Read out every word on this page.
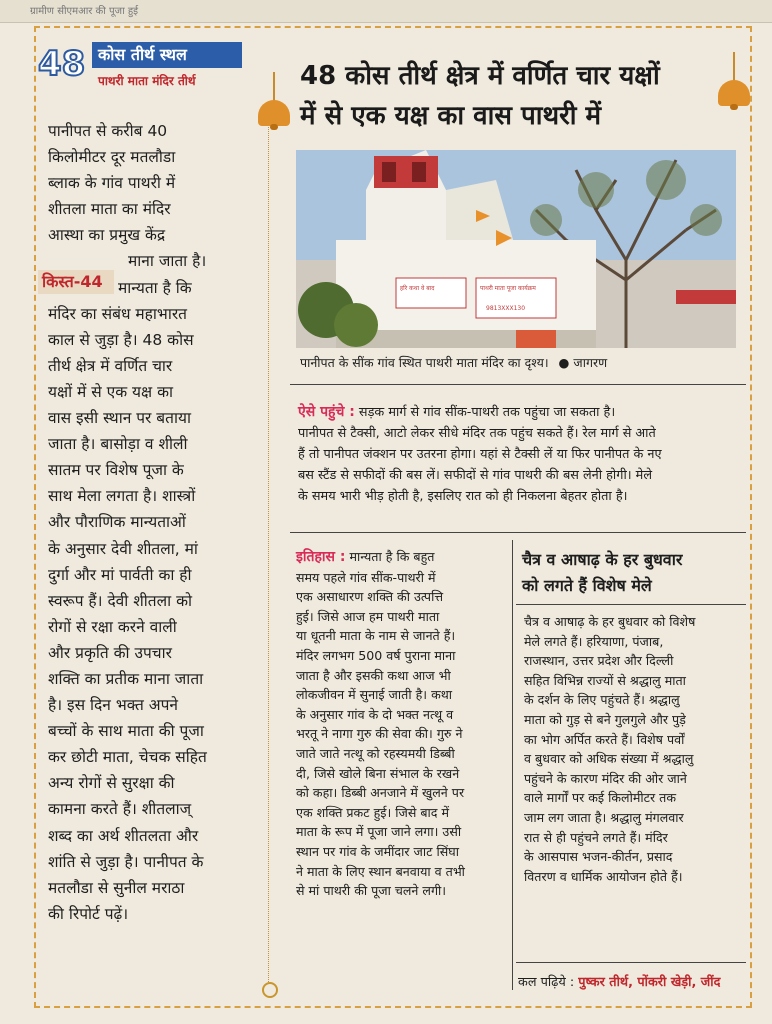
ग्रामीण सीएमआर की पूजा हुई
48 कोस तीर्थ स्थल
पाथरी माता मंदिर तीर्थ
पानीपत से करीब 40
किलोमीटर दूर मतलौडा
ब्लाक के गांव पाथरी में
शीतला माता का मंदिर
आस्था का प्रमुख केंद्र
माना जाता है।
मान्यता है कि
मंदिर का संबंध महाभारत
काल से जुड़ा है। 48 कोस
तीर्थ क्षेत्र में वर्णित चार
यक्षों में से एक यक्ष का
वास इसी स्थान पर बताया
जाता है। बासोड़ा व शीली
सातम पर विशेष पूजा के
साथ मेला लगता है। शास्त्रों
और पौराणिक मान्यताओं
के अनुसार देवी शीतला, मां
दुर्गा और मां पार्वती का ही
स्वरूप हैं। देवी शीतला को
रोगों से रक्षा करने वाली
और प्रकृति की उपचार
शक्ति का प्रतीक माना जाता
है। इस दिन भक्त अपने
बच्चों के साथ माता की पूजा
कर छोटी माता, चेचक सहित
अन्य रोगों से सुरक्षा की
कामना करते हैं। शीतलाज्
शब्द का अर्थ शीतलता और
शांति से जुड़ा है। पानीपत के
मतलौडा से सुनील मराठा
की रिपोर्ट पढ़ें।
किस्त-44
48 कोस तीर्थ क्षेत्र में वर्णित चार यक्षों
में से एक यक्ष का वास पाथरी में
हरि कथा वे बाद	पाथरी माता पूजा कार्यक्रम
9813XXX130
पानीपत के सींक गांव स्थित पाथरी माता मंदिर का दृश्य। ● जागरण
ऐसे पहुंचे : सड़क मार्ग से गांव सींक-पाथरी तक पहुंचा जा सकता है।
पानीपत से टैक्सी, आटो लेकर सीधे मंदिर तक पहुंच सकते हैं। रेल मार्ग से आते
हैं तो पानीपत जंक्शन पर उतरना होगा। यहां से टैक्सी लें या फिर पानीपत के नए
बस स्टैंड से सफीदों की बस लें। सफीदों से गांव पाथरी की बस लेनी होगी। मेले
के समय भारी भीड़ होती है, इसलिए रात को ही निकलना बेहतर होता है।
इतिहास : मान्यता है कि बहुत
समय पहले गांव सींक-पाथरी में
एक असाधारण शक्ति की उत्पत्ति
हुई। जिसे आज हम पाथरी माता
या धूतनी माता के नाम से जानते हैं।
मंदिर लगभग 500 वर्ष पुराना माना
जाता है और इसकी कथा आज भी
लोकजीवन में सुनाई जाती है। कथा
के अनुसार गांव के दो भक्त नत्थू व
भरतू ने नागा गुरु की सेवा की। गुरु ने
जाते जाते नत्थू को रहस्यमयी डिब्बी
दी, जिसे खोले बिना संभाल के रखने
को कहा। डिब्बी अनजाने में खुलने पर
एक शक्ति प्रकट हुई। जिसे बाद में
माता के रूप में पूजा जाने लगा। उसी
स्थान पर गांव के जमींदार जाट सिंघा
ने माता के लिए स्थान बनवाया व तभी
से मां पाथरी की पूजा चलने लगी।
चैत्र व आषाढ़ के हर बुधवार
को लगते हैं विशेष मेले
चैत्र व आषाढ़ के हर बुधवार को विशेष
मेले लगते हैं। हरियाणा, पंजाब,
राजस्थान, उत्तर प्रदेश और दिल्ली
सहित विभिन्न राज्यों से श्रद्धालु माता
के दर्शन के लिए पहुंचते हैं। श्रद्धालु
माता को गुड़ से बने गुलगुले और पुड़े
का भोग अर्पित करते हैं। विशेष पर्वों
व बुधवार को अधिक संख्या में श्रद्धालु
पहुंचने के कारण मंदिर की ओर जाने
वाले मार्गों पर कई किलोमीटर तक
जाम लग जाता है। श्रद्धालु मंगलवार
रात से ही पहुंचने लगते हैं। मंदिर
के आसपास भजन-कीर्तन, प्रसाद
वितरण व धार्मिक आयोजन होते हैं।
कल पढ़िये : पुष्कर तीर्थ, पोंकरी खेड़ी, जींद
